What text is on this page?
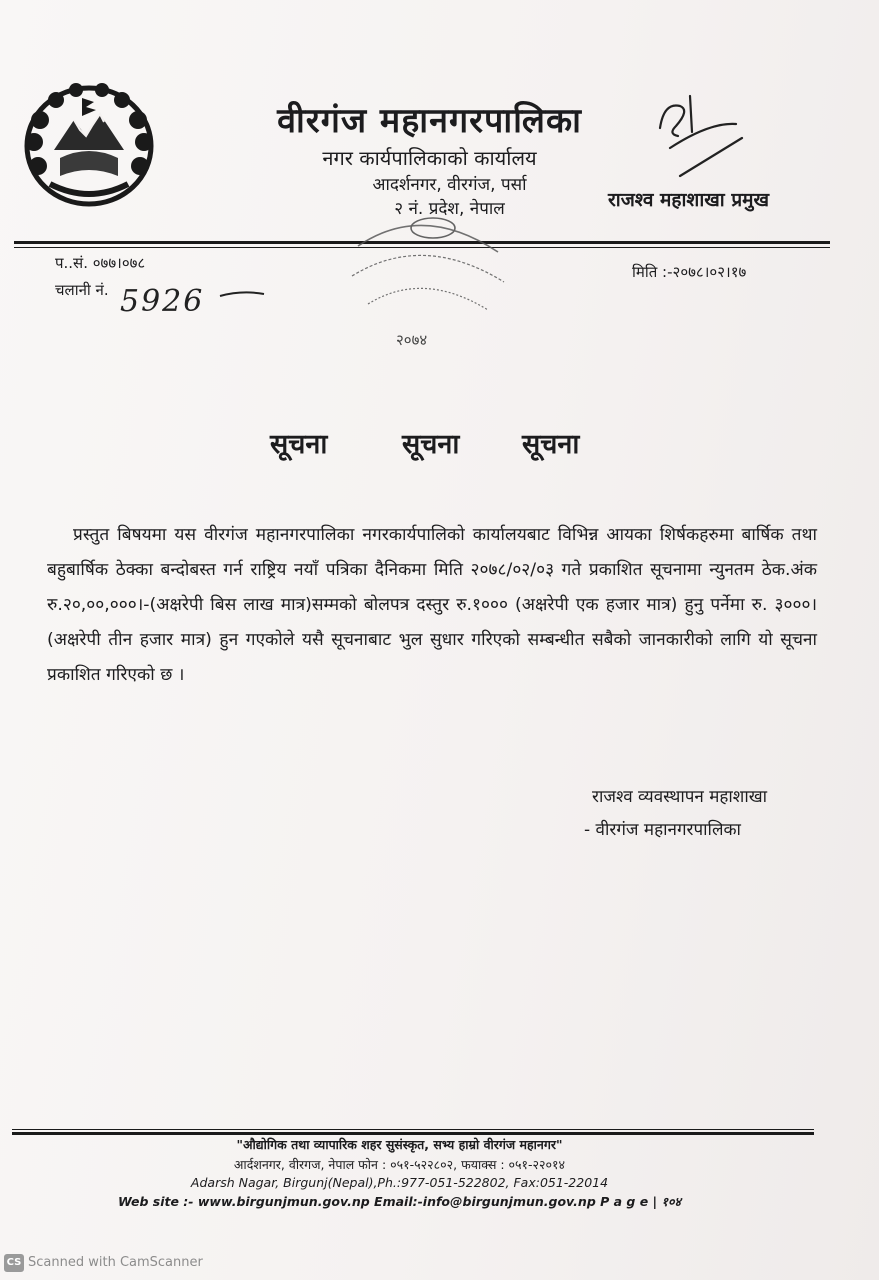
वीरगंज महानगरपालिका
नगर कार्यपालिकाको कार्यालय
आदर्शनगर, वीरगंज, पर्सा
२ नं. प्रदेश, नेपाल	राजश्व महाशाखा प्रमुख
प..सं. ०७७।०७८
चलानी नं. 5926
मिति :-२०७८।०२।१७
२०७४
सूचना	सूचना सूचना
प्रस्तुत बिषयमा यस वीरगंज महानगरपालिका नगरकार्यपालिको कार्यालयबाट विभिन्न आयका शिर्षकहरुमा बार्षिक तथा बहुबार्षिक ठेक्का बन्दोबस्त गर्न राष्ट्रिय नयाँ पत्रिका दैनिकमा मिति २०७८/०२/०३ गते प्रकाशित सूचनामा न्युनतम ठेक.अंक रु.२०,००,०००।-(अक्षरेपी बिस लाख मात्र)सम्मको बोलपत्र दस्तुर रु.१००० (अक्षरेपी एक हजार मात्र) हुनु पर्नेमा रु. ३०००।(अक्षरेपी तीन हजार मात्र) हुन गएकोले यसै सूचनाबाट भुल सुधार गरिएको सम्बन्धीत सबैको जानकारीको लागि यो सूचना प्रकाशित गरिएको छ ।
राजश्व व्यवस्थापन महाशाखा
- वीरगंज महानगरपालिका
"औद्योगिक तथा व्यापारिक शहर सुसंस्कृत, सभ्य हाम्रो वीरगंज महानगर"
आर्दशनगर, वीरगज, नेपाल फोन : ०५१-५२२८०२, फयाक्स : ०५१-२२०१४
Adarsh Nagar, Birgunj(Nepal),Ph.:977-051-522802, Fax:051-22014
Web site :- www.birgunjmun.gov.np Email:-info@birgunjmun.gov.np P a g e | १०४
CS Scanned with CamScanner
